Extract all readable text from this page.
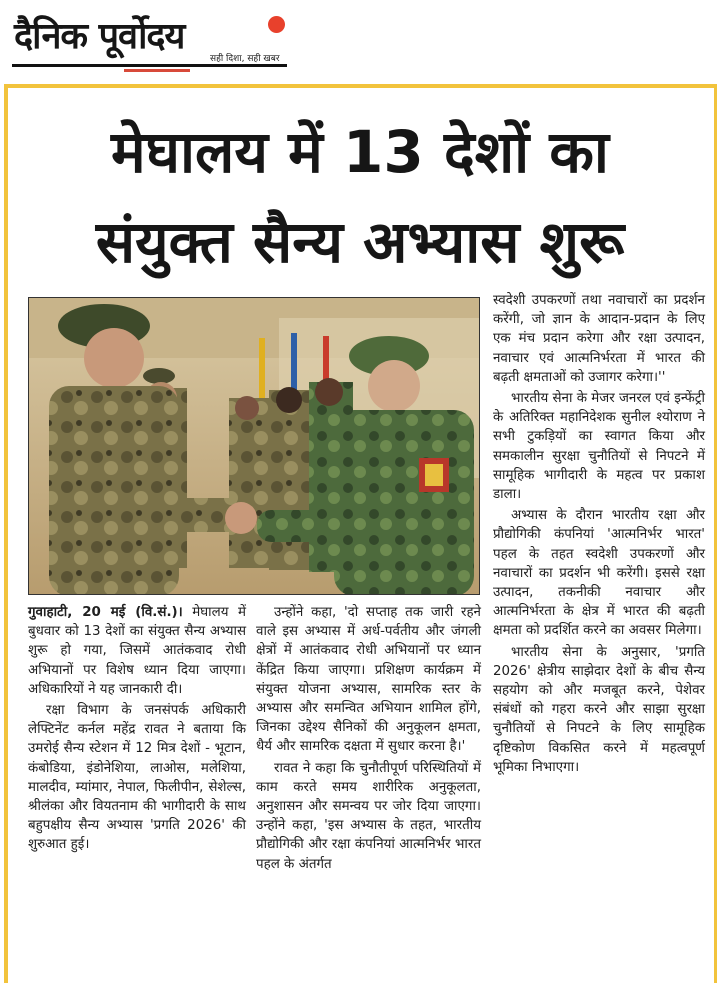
दैनिक पूर्वोदय
सही दिशा, सही खबर
मेघालय में 13 देशों का
संयुक्त सैन्य अभ्यास शुरू

गुवाहाटी, 20 मई (वि.सं.)। मेघालय में बुधवार को 13 देशों का संयुक्त सैन्य अभ्यास शुरू हो गया, जिसमें आतंकवाद रोधी अभियानों पर विशेष ध्यान दिया जाएगा। अधिकारियों ने यह जानकारी दी।

रक्षा विभाग के जनसंपर्क अधिकारी लेफ्टिनेंट कर्नल महेंद्र रावत ने बताया कि उमरोई सैन्य स्टेशन में 12 मित्र देशों - भूटान, कंबोडिया, इंडोनेशिया, लाओस, मलेशिया, मालदीव, म्यांमार, नेपाल, फिलीपीन, सेशेल्स, श्रीलंका और वियतनाम की भागीदारी के साथ बहुपक्षीय सैन्य अभ्यास 'प्रगति 2026' की शुरुआत हुई।

उन्होंने कहा, 'दो सप्ताह तक जारी रहने वाले इस अभ्यास में अर्ध-पर्वतीय और जंगली क्षेत्रों में आतंकवाद रोधी अभियानों पर ध्यान केंद्रित किया जाएगा। प्रशिक्षण कार्यक्रम में संयुक्त योजना अभ्यास, सामरिक स्तर के अभ्यास और समन्वित अभियान शामिल होंगे, जिनका उद्देश्य सैनिकों की अनुकूलन क्षमता, धैर्य और सामरिक दक्षता में सुधार करना है।'

रावत ने कहा कि चुनौतीपूर्ण परिस्थितियों में काम करते समय शारीरिक अनुकूलता, अनुशासन और समन्वय पर जोर दिया जाएगा। उन्होंने कहा, 'इस अभ्यास के तहत, भारतीय प्रौद्योगिकी और रक्षा कंपनियां आत्मनिर्भर भारत पहल के अंतर्गत

स्वदेशी उपकरणों तथा नवाचारों का प्रदर्शन करेंगी, जो ज्ञान के आदान-प्रदान के लिए एक मंच प्रदान करेगा और रक्षा उत्पादन, नवाचार एवं आत्मनिर्भरता में भारत की बढ़ती क्षमताओं को उजागर करेगा।''

भारतीय सेना के मेजर जनरल एवं इन्फेंट्री के अतिरिक्त महानिदेशक सुनील श्योराण ने सभी टुकड़ियों का स्वागत किया और समकालीन सुरक्षा चुनौतियों से निपटने में सामूहिक भागीदारी के महत्व पर प्रकाश डाला।

अभ्यास के दौरान भारतीय रक्षा और प्रौद्योगिकी कंपनियां 'आत्मनिर्भर भारत' पहल के तहत स्वदेशी उपकरणों और नवाचारों का प्रदर्शन भी करेंगी। इससे रक्षा उत्पादन, तकनीकी नवाचार और आत्मनिर्भरता के क्षेत्र में भारत की बढ़ती क्षमता को प्रदर्शित करने का अवसर मिलेगा।

भारतीय सेना के अनुसार, 'प्रगति 2026' क्षेत्रीय साझेदार देशों के बीच सैन्य सहयोग को और मजबूत करने, पेशेवर संबंधों को गहरा करने और साझा सुरक्षा चुनौतियों से निपटने के लिए सामूहिक दृष्टिकोण विकसित करने में महत्वपूर्ण भूमिका निभाएगा।
